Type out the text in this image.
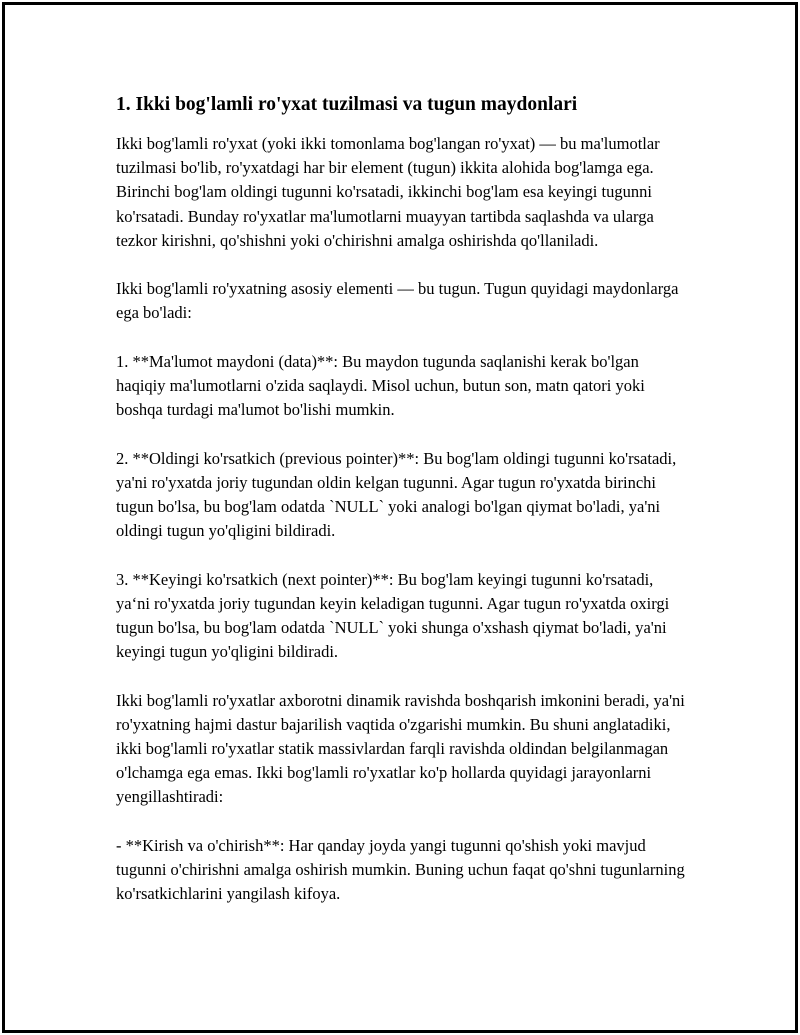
1. Ikki bog'lamli ro'yxat tuzilmasi va tugun maydonlari

Ikki bog'lamli ro'yxat (yoki ikki tomonlama bog'langan ro'yxat) — bu ma'lumotlar tuzilmasi bo'lib, ro'yxatdagi har bir element (tugun) ikkita alohida bog'lamga ega. Birinchi bog'lam oldingi tugunni ko'rsatadi, ikkinchi bog'lam esa keyingi tugunni ko'rsatadi. Bunday ro'yxatlar ma'lumotlarni muayyan tartibda saqlashda va ularga tezkor kirishni, qo'shishni yoki o'chirishni amalga oshirishda qo'llaniladi.

Ikki bog'lamli ro'yxatning asosiy elementi — bu tugun. Tugun quyidagi maydonlarga ega bo'ladi:

1. **Ma'lumot maydoni (data)**: Bu maydon tugunda saqlanishi kerak bo'lgan haqiqiy ma'lumotlarni o'zida saqlaydi. Misol uchun, butun son, matn qatori yoki boshqa turdagi ma'lumot bo'lishi mumkin.

2. **Oldingi ko'rsatkich (previous pointer)**: Bu bog'lam oldingi tugunni ko'rsatadi, ya'ni ro'yxatda joriy tugundan oldin kelgan tugunni. Agar tugun ro'yxatda birinchi tugun bo'lsa, bu bog'lam odatda `NULL` yoki analogi bo'lgan qiymat bo'ladi, ya'ni oldingi tugun yo'qligini bildiradi.

3. **Keyingi ko'rsatkich (next pointer)**: Bu bog'lam keyingi tugunni ko'rsatadi, ya‘ni ro'yxatda joriy tugundan keyin keladigan tugunni. Agar tugun ro'yxatda oxirgi tugun bo'lsa, bu bog'lam odatda `NULL` yoki shunga o'xshash qiymat bo'ladi, ya'ni keyingi tugun yo'qligini bildiradi.

Ikki bog'lamli ro'yxatlar axborotni dinamik ravishda boshqarish imkonini beradi, ya'ni ro'yxatning hajmi dastur bajarilish vaqtida o'zgarishi mumkin. Bu shuni anglatadiki, ikki bog'lamli ro'yxatlar statik massivlardan farqli ravishda oldindan belgilanmagan o'lchamga ega emas. Ikki bog'lamli ro'yxatlar ko'p hollarda quyidagi jarayonlarni yengillashtiradi:

- **Kirish va o'chirish**: Har qanday joyda yangi tugunni qo'shish yoki mavjud tugunni o'chirishni amalga oshirish mumkin. Buning uchun faqat qo'shni tugunlarning ko'rsatkichlarini yangilash kifoya.
